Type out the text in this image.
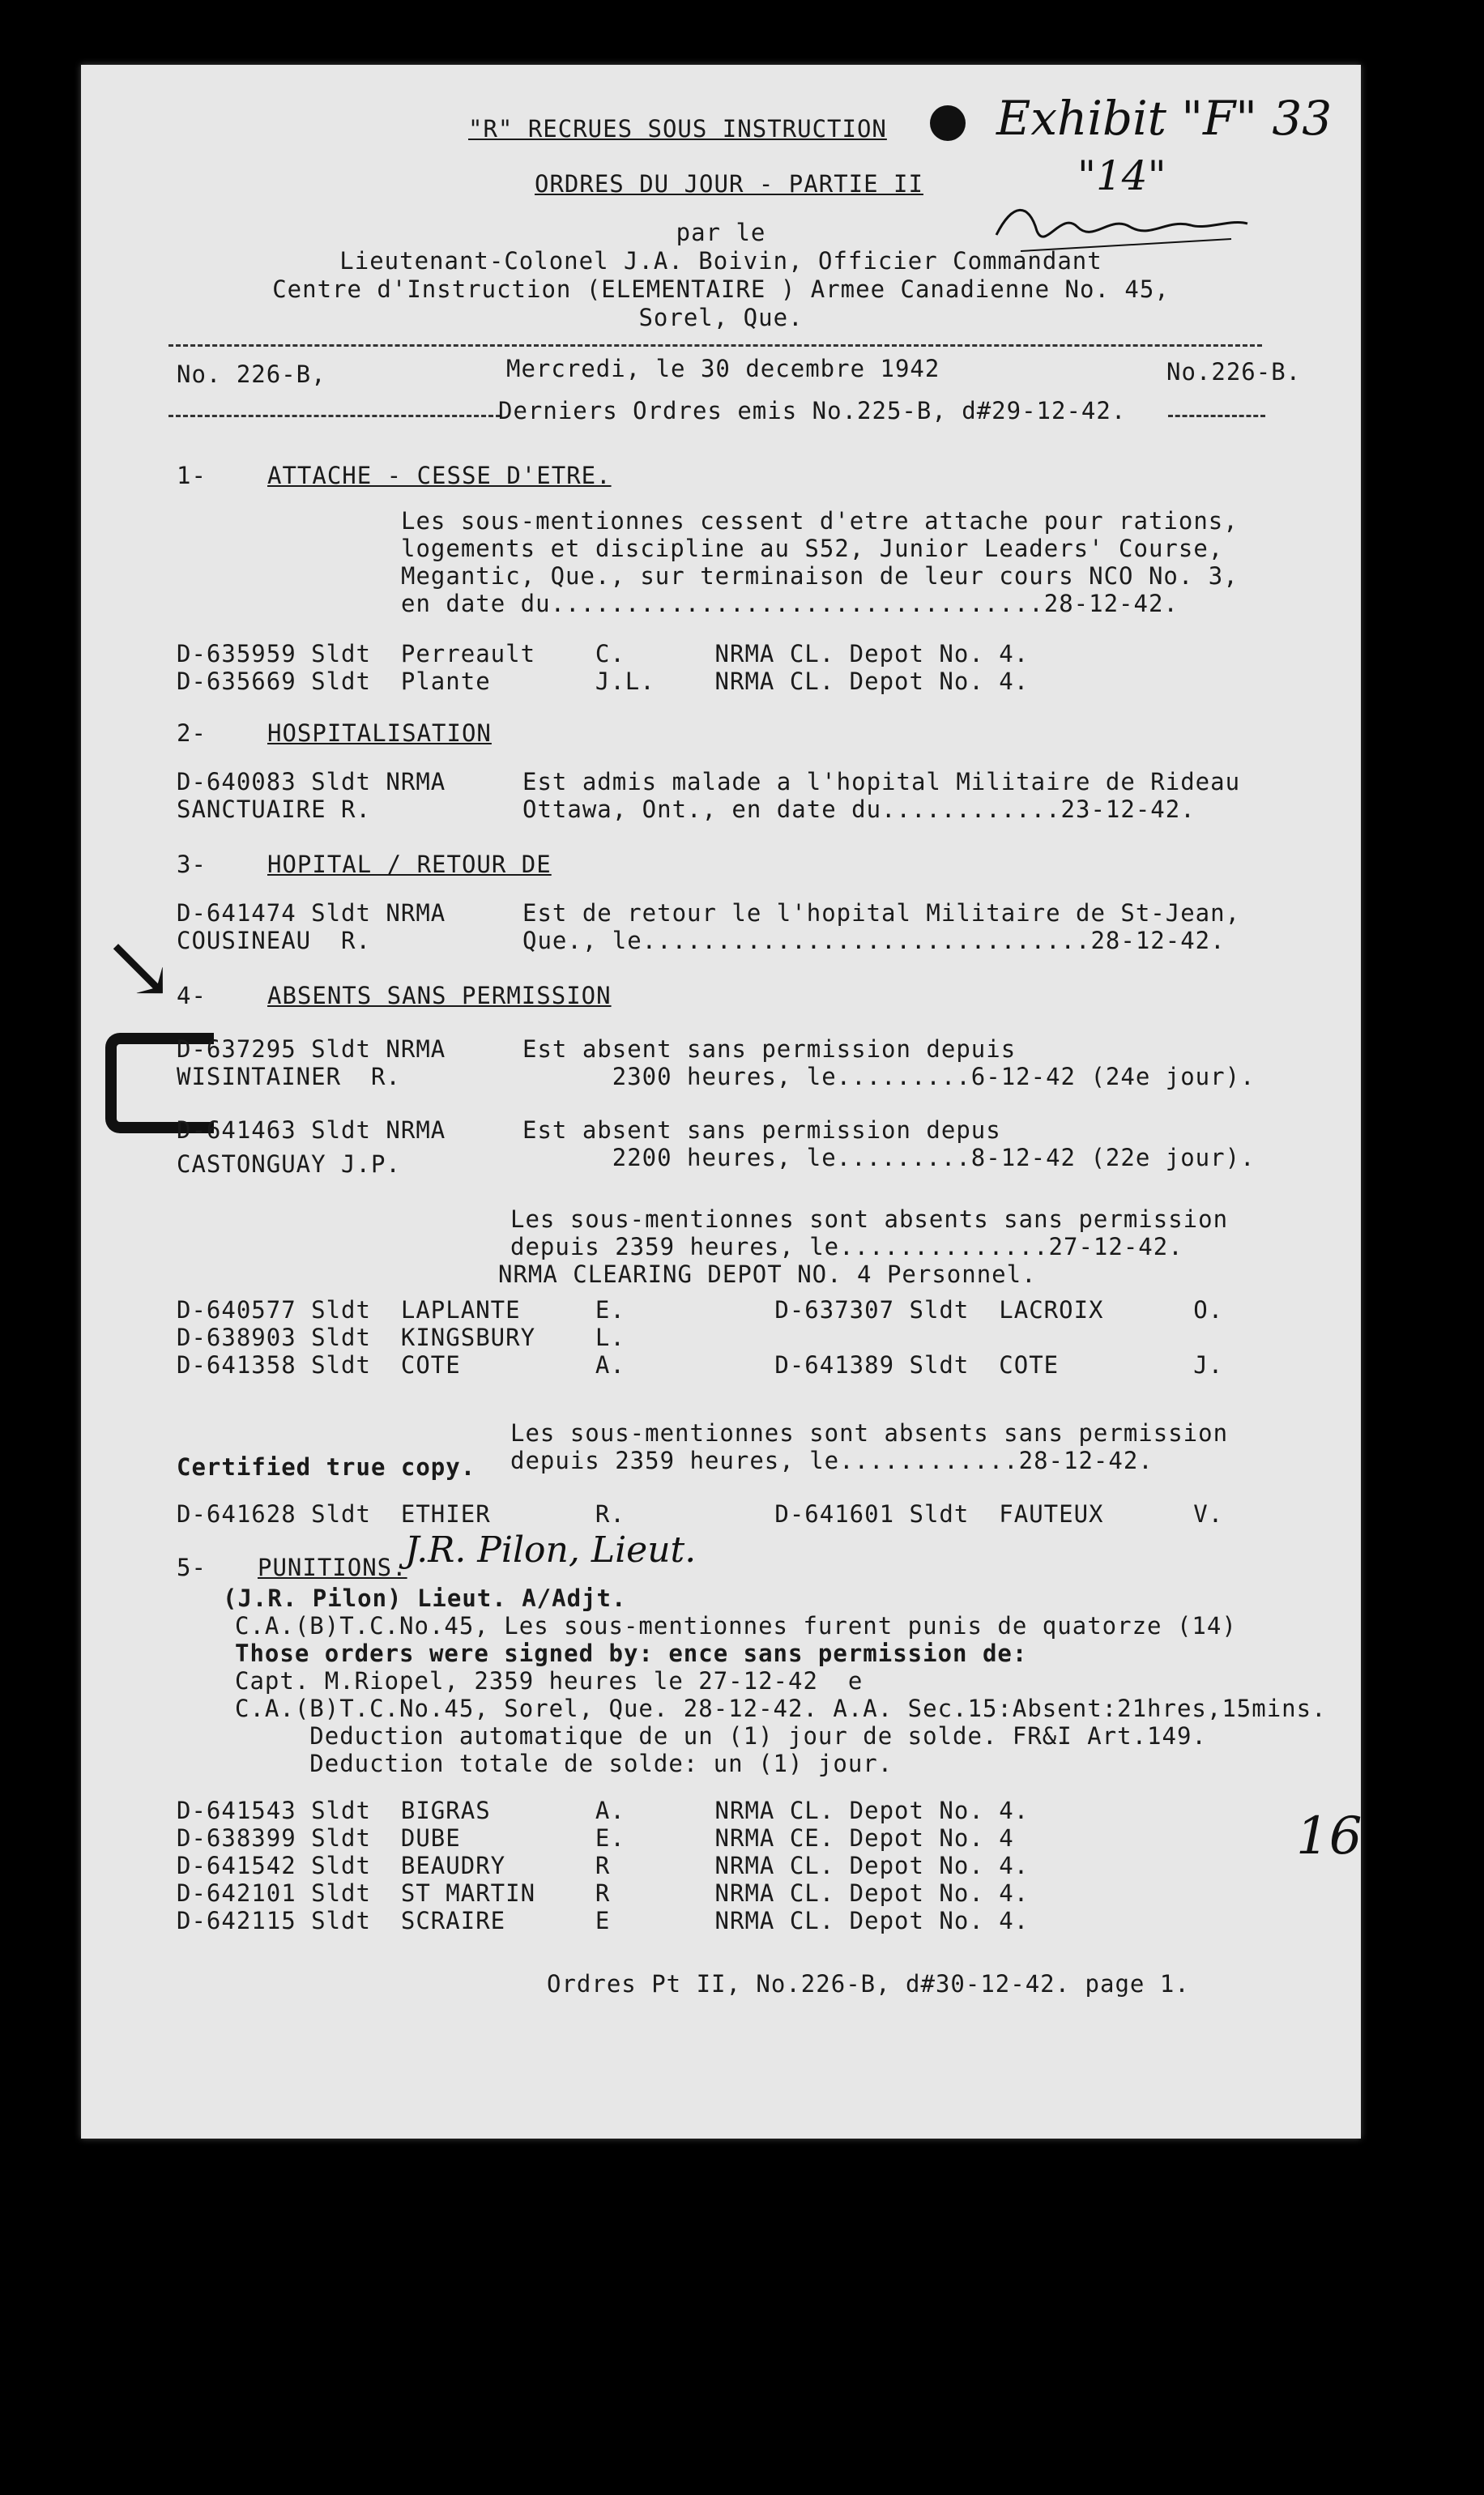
"R" RECRUES SOUS INSTRUCTION Exhibit "F" 33
ORDRES DU JOUR - PARTIE II	"14"
par le
Lieutenant-Colonel J.A. Boivin, Officier Commandant
Centre d'Instruction (ELEMENTAIRE ) Armee Canadienne No. 45,
Sorel, Que.
No. 226-B,	Mercredi, le 30 decembre 1942	No.226-B.
Derniers Ordres emis No.225-B, d#29-12-42.
1-	ATTACHE - CESSE D'ETRE.
Les sous-mentionnes cessent d'etre attache pour rations,
logements et discipline au S52, Junior Leaders' Course,
Megantic, Que., sur terminaison de leur cours NCO No. 3,
en date du.................................28-12-42.
D-635959 Sldt  Perreault    C.      NRMA CL. Depot No. 4.
D-635669 Sldt  Plante       J.L.    NRMA CL. Depot No. 4.
2-	HOSPITALISATION
D-640083 Sldt NRMA
SANCTUAIRE R.
Est admis malade a l'hopital Militaire de Rideau
Ottawa, Ont., en date du............23-12-42.
3-	HOPITAL / RETOUR DE
D-641474 Sldt NRMA
COUSINEAU  R.
Est de retour le l'hopital Militaire de St-Jean,
Que., le..............................28-12-42.
↘ 4-	ABSENTS SANS PERMISSION
D-637295 Sldt NRMA
WISINTAINER  R.
Est absent sans permission depuis
2300 heures, le.........6-12-42 (24e jour).
D-641463 Sldt NRMA
CASTONGUAY J.P.
Est absent sans permission depus
2200 heures, le.........8-12-42 (22e jour).
Les sous-mentionnes sont absents sans permission
depuis 2359 heures, le..............27-12-42.
NRMA CLEARING DEPOT NO. 4 Personnel.
D-640577 Sldt  LAPLANTE     E.          D-637307 Sldt  LACROIX      O.
D-638903 Sldt  KINGSBURY    L.
D-641358 Sldt  COTE         A.          D-641389 Sldt  COTE         J.
Les sous-mentionnes sont absents sans permission
depuis 2359 heures, le............28-12-42.
Certified true copy.
D-641628 Sldt  ETHIER       R.          D-641601 Sldt  FAUTEUX      V.
5- PUNITIONS.
J.R. Pilon, Lieut.
(J.R. Pilon) Lieut. A/Adjt.
C.A.(B)T.C.No.45, Les sous-mentionnes furent punis de quatorze (14)
Those orders were signed by: ence sans permission de:
Capt. M.Riopel, 2359 heures le 27-12-42  e
C.A.(B)T.C.No.45, Sorel, Que. 28-12-42. A.A. Sec.15:Absent:21hres,15mins.
Deduction automatique de un (1) jour de solde. FR&I Art.149.
Deduction totale de solde: un (1) jour.
D-641543 Sldt  BIGRAS       A.      NRMA CL. Depot No. 4.
D-638399 Sldt  DUBE         E.      NRMA CE. Depot No. 4
D-641542 Sldt  BEAUDRY      R       NRMA CL. Depot No. 4.
D-642101 Sldt  ST MARTIN    R       NRMA CL. Depot No. 4.
D-642115 Sldt  SCRAIRE      E       NRMA CL. Depot No. 4.
16
Ordres Pt II, No.226-B, d#30-12-42. page 1.
